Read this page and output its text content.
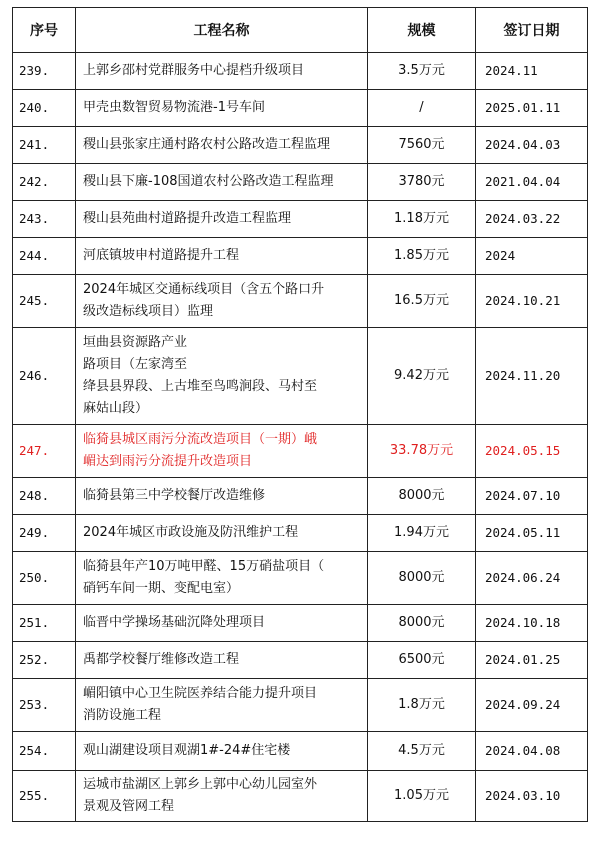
序号	工程名称	规模	签订日期
239.	上郭乡邵村党群服务中心提档升级项目	3.5万元	2024.11
240.	甲壳虫数智贸易物流港-1号车间	/	2025.01.11
241.	稷山县张家庄通村路农村公路改造工程监理	7560元	2024.04.03
242.	稷山县下廉-108国道农村公路改造工程监理	3780元	2021.04.04
243.	稷山县苑曲村道路提升改造工程监理	1.18万元	2024.03.22
244.	河底镇坡申村道路提升工程	1.85万元	2024
245.	2024年城区交通标线项目（含五个路口升
级改造标线项目）监理	16.5万元	2024.10.21
246.	垣曲县资源路产业
路项目（左家湾至
绛县县界段、上古堆至鸟鸣涧段、马村至
麻姑山段）	9.42万元	2024.11.20
247.	临猗县城区雨污分流改造项目（一期）峨
嵋达到雨污分流提升改造项目	33.78万元	2024.05.15
248.	临猗县第三中学校餐厅改造维修	8000元	2024.07.10
249.	2024年城区市政设施及防汛维护工程	1.94万元	2024.05.11
250.	临猗县年产10万吨甲醛、15万硝盐项目（
硝钙车间一期、变配电室）	8000元	2024.06.24
251.	临晋中学操场基础沉降处理项目	8000元	2024.10.18
252.	禹都学校餐厅维修改造工程	6500元	2024.01.25
253.	嵋阳镇中心卫生院医养结合能力提升项目
消防设施工程	1.8万元	2024.09.24
254.	观山湖建设项目观湖1#-24#住宅楼	4.5万元	2024.04.08
255.	运城市盐湖区上郭乡上郭中心幼儿园室外
景观及管网工程	1.05万元	2024.03.10
